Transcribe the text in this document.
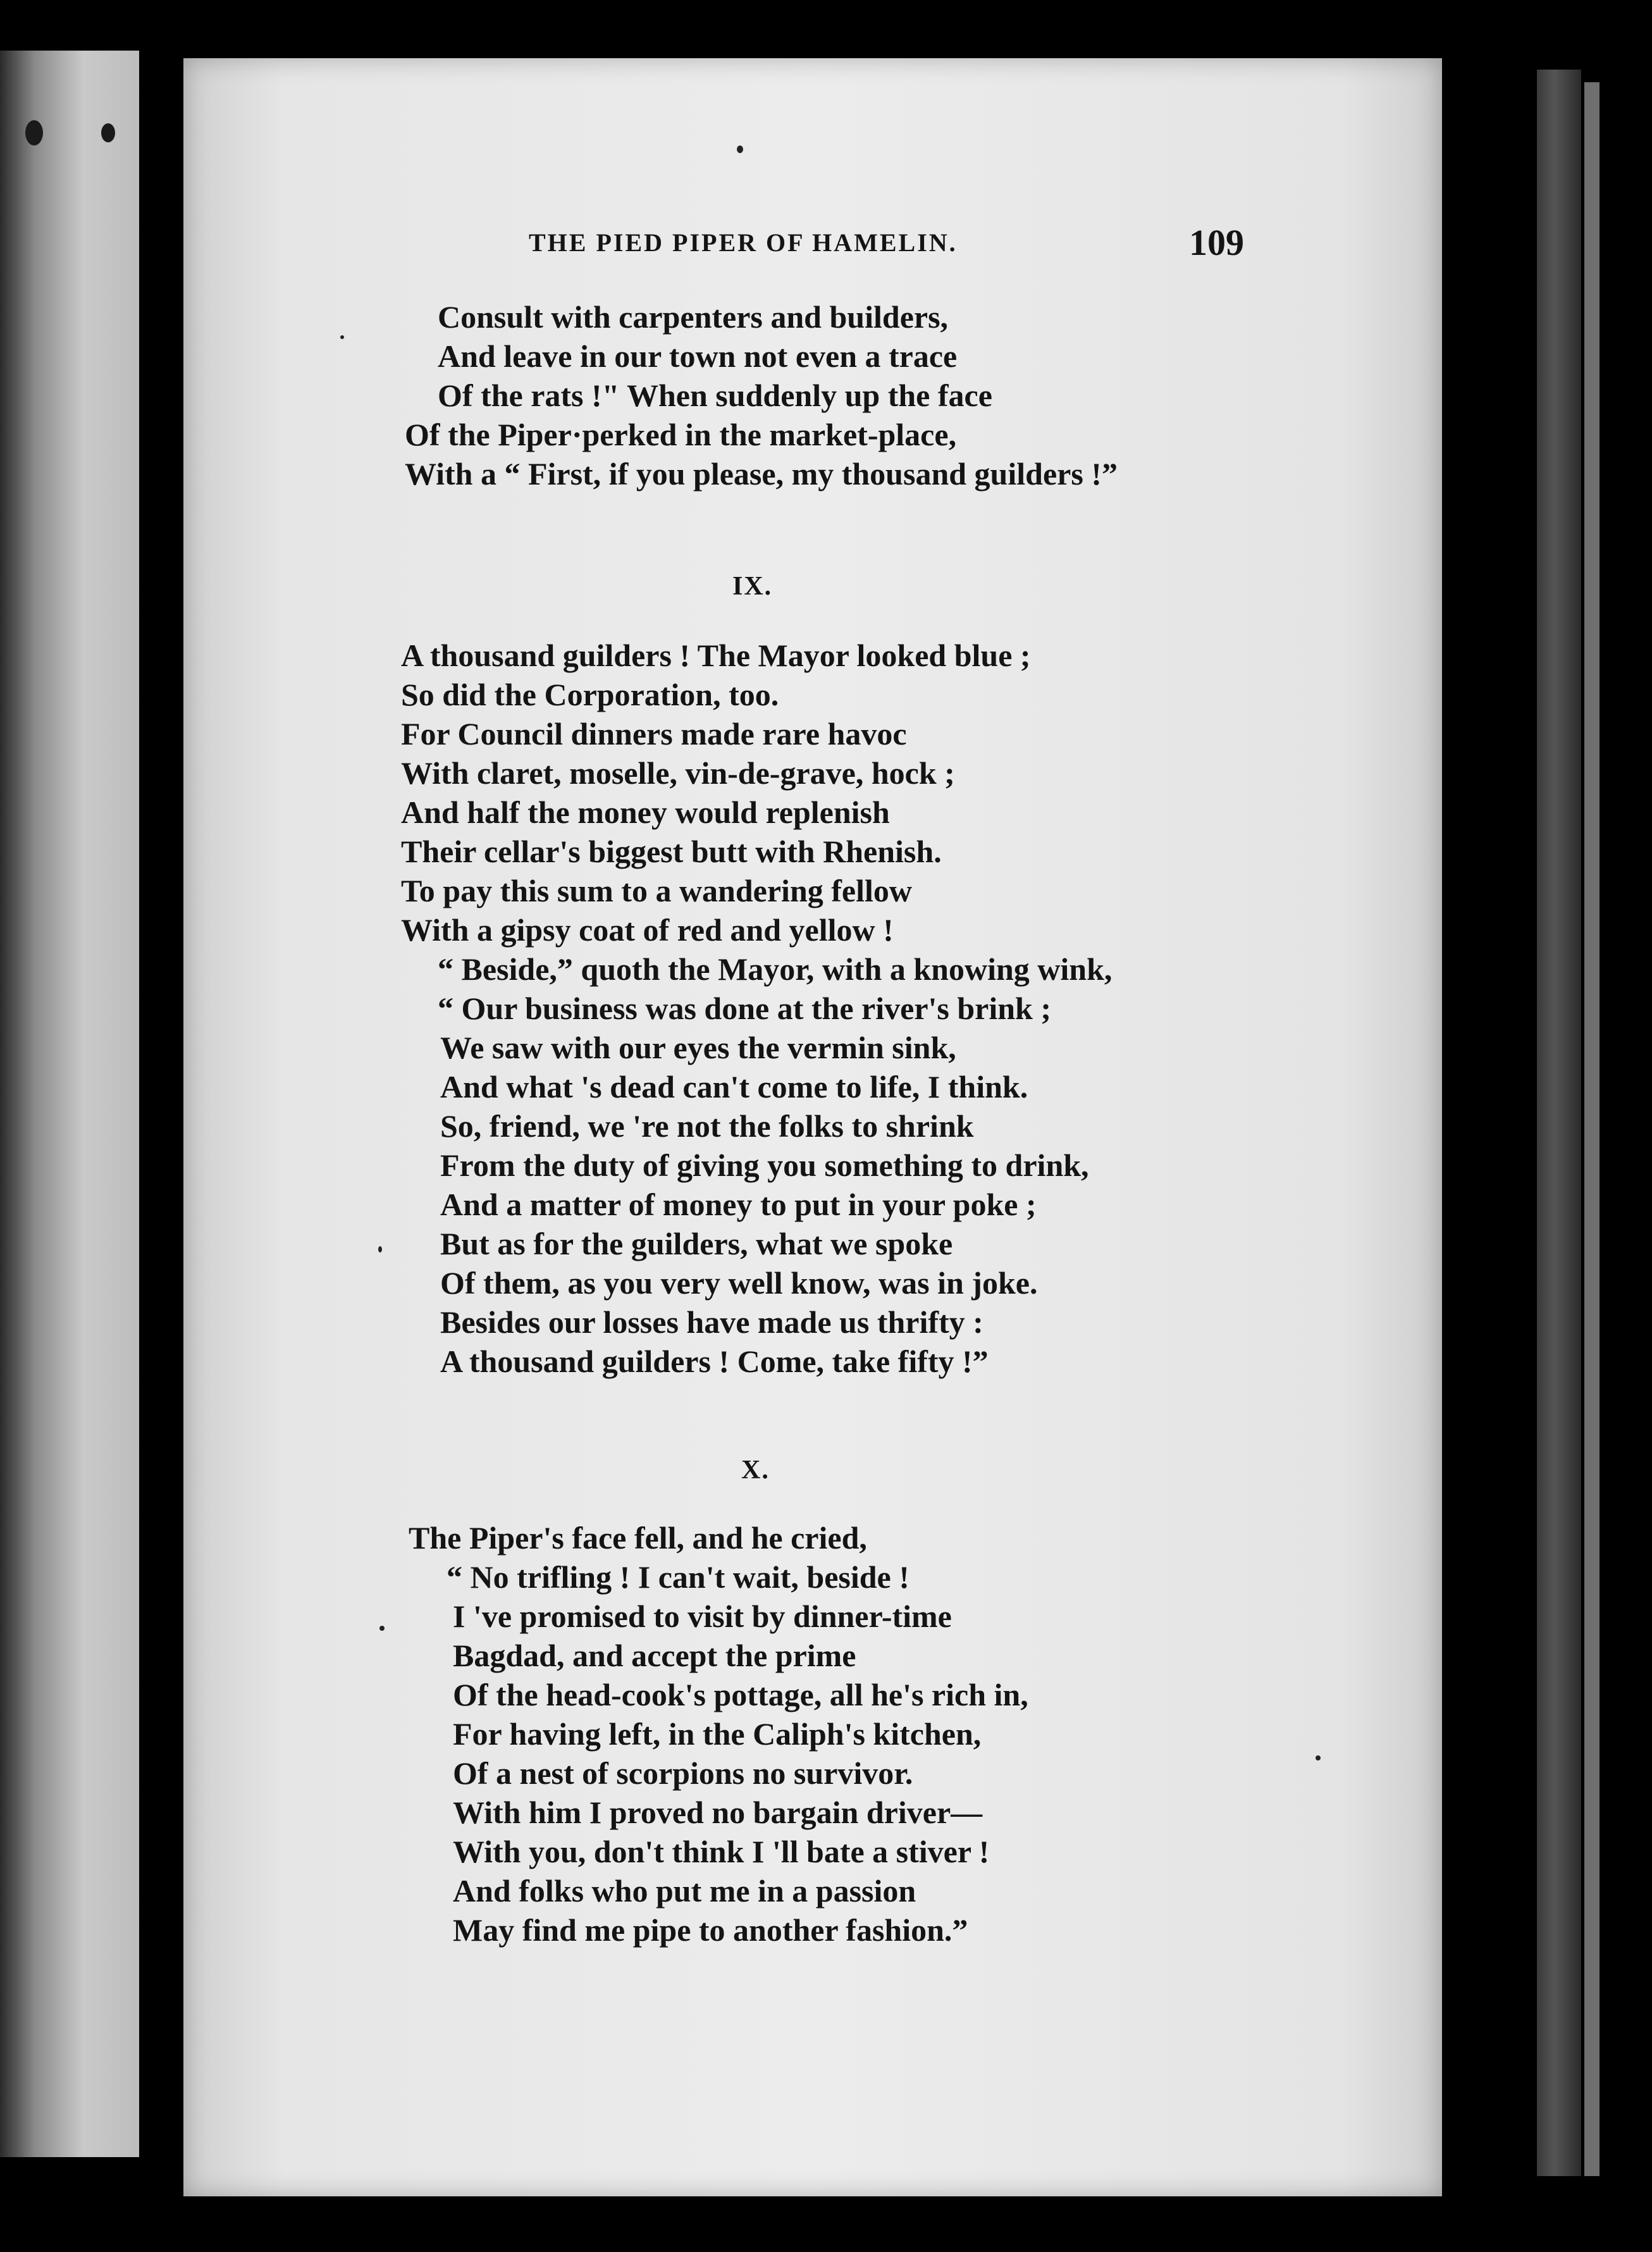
THE PIED PIPER OF HAMELIN.	109

Consult with carpenters and builders,
And leave in our town not even a trace
Of the rats !" When suddenly up the face
Of the Piper·perked in the market-place,
With a “ First, if you please, my thousand guilders !”

IX.

A thousand guilders ! The Mayor looked blue ;
So did the Corporation, too.
For Council dinners made rare havoc
With claret, moselle, vin-de-grave, hock ;
And half the money would replenish
Their cellar's biggest butt with Rhenish.
To pay this sum to a wandering fellow
With a gipsy coat of red and yellow !
“ Beside,” quoth the Mayor, with a knowing wink,
“ Our business was done at the river's brink ;
We saw with our eyes the vermin sink,
And what 's dead can't come to life, I think.
So, friend, we 're not the folks to shrink
From the duty of giving you something to drink,
And a matter of money to put in your poke ;
But as for the guilders, what we spoke
Of them, as you very well know, was in joke.
Besides our losses have made us thrifty :
A thousand guilders ! Come, take fifty !”

X.

The Piper's face fell, and he cried,
“ No trifling ! I can't wait, beside !
I 've promised to visit by dinner-time
Bagdad, and accept the prime
Of the head-cook's pottage, all he's rich in,
For having left, in the Caliph's kitchen,
Of a nest of scorpions no survivor.
With him I proved no bargain driver—
With you, don't think I 'll bate a stiver !
And folks who put me in a passion
May find me pipe to another fashion.”
